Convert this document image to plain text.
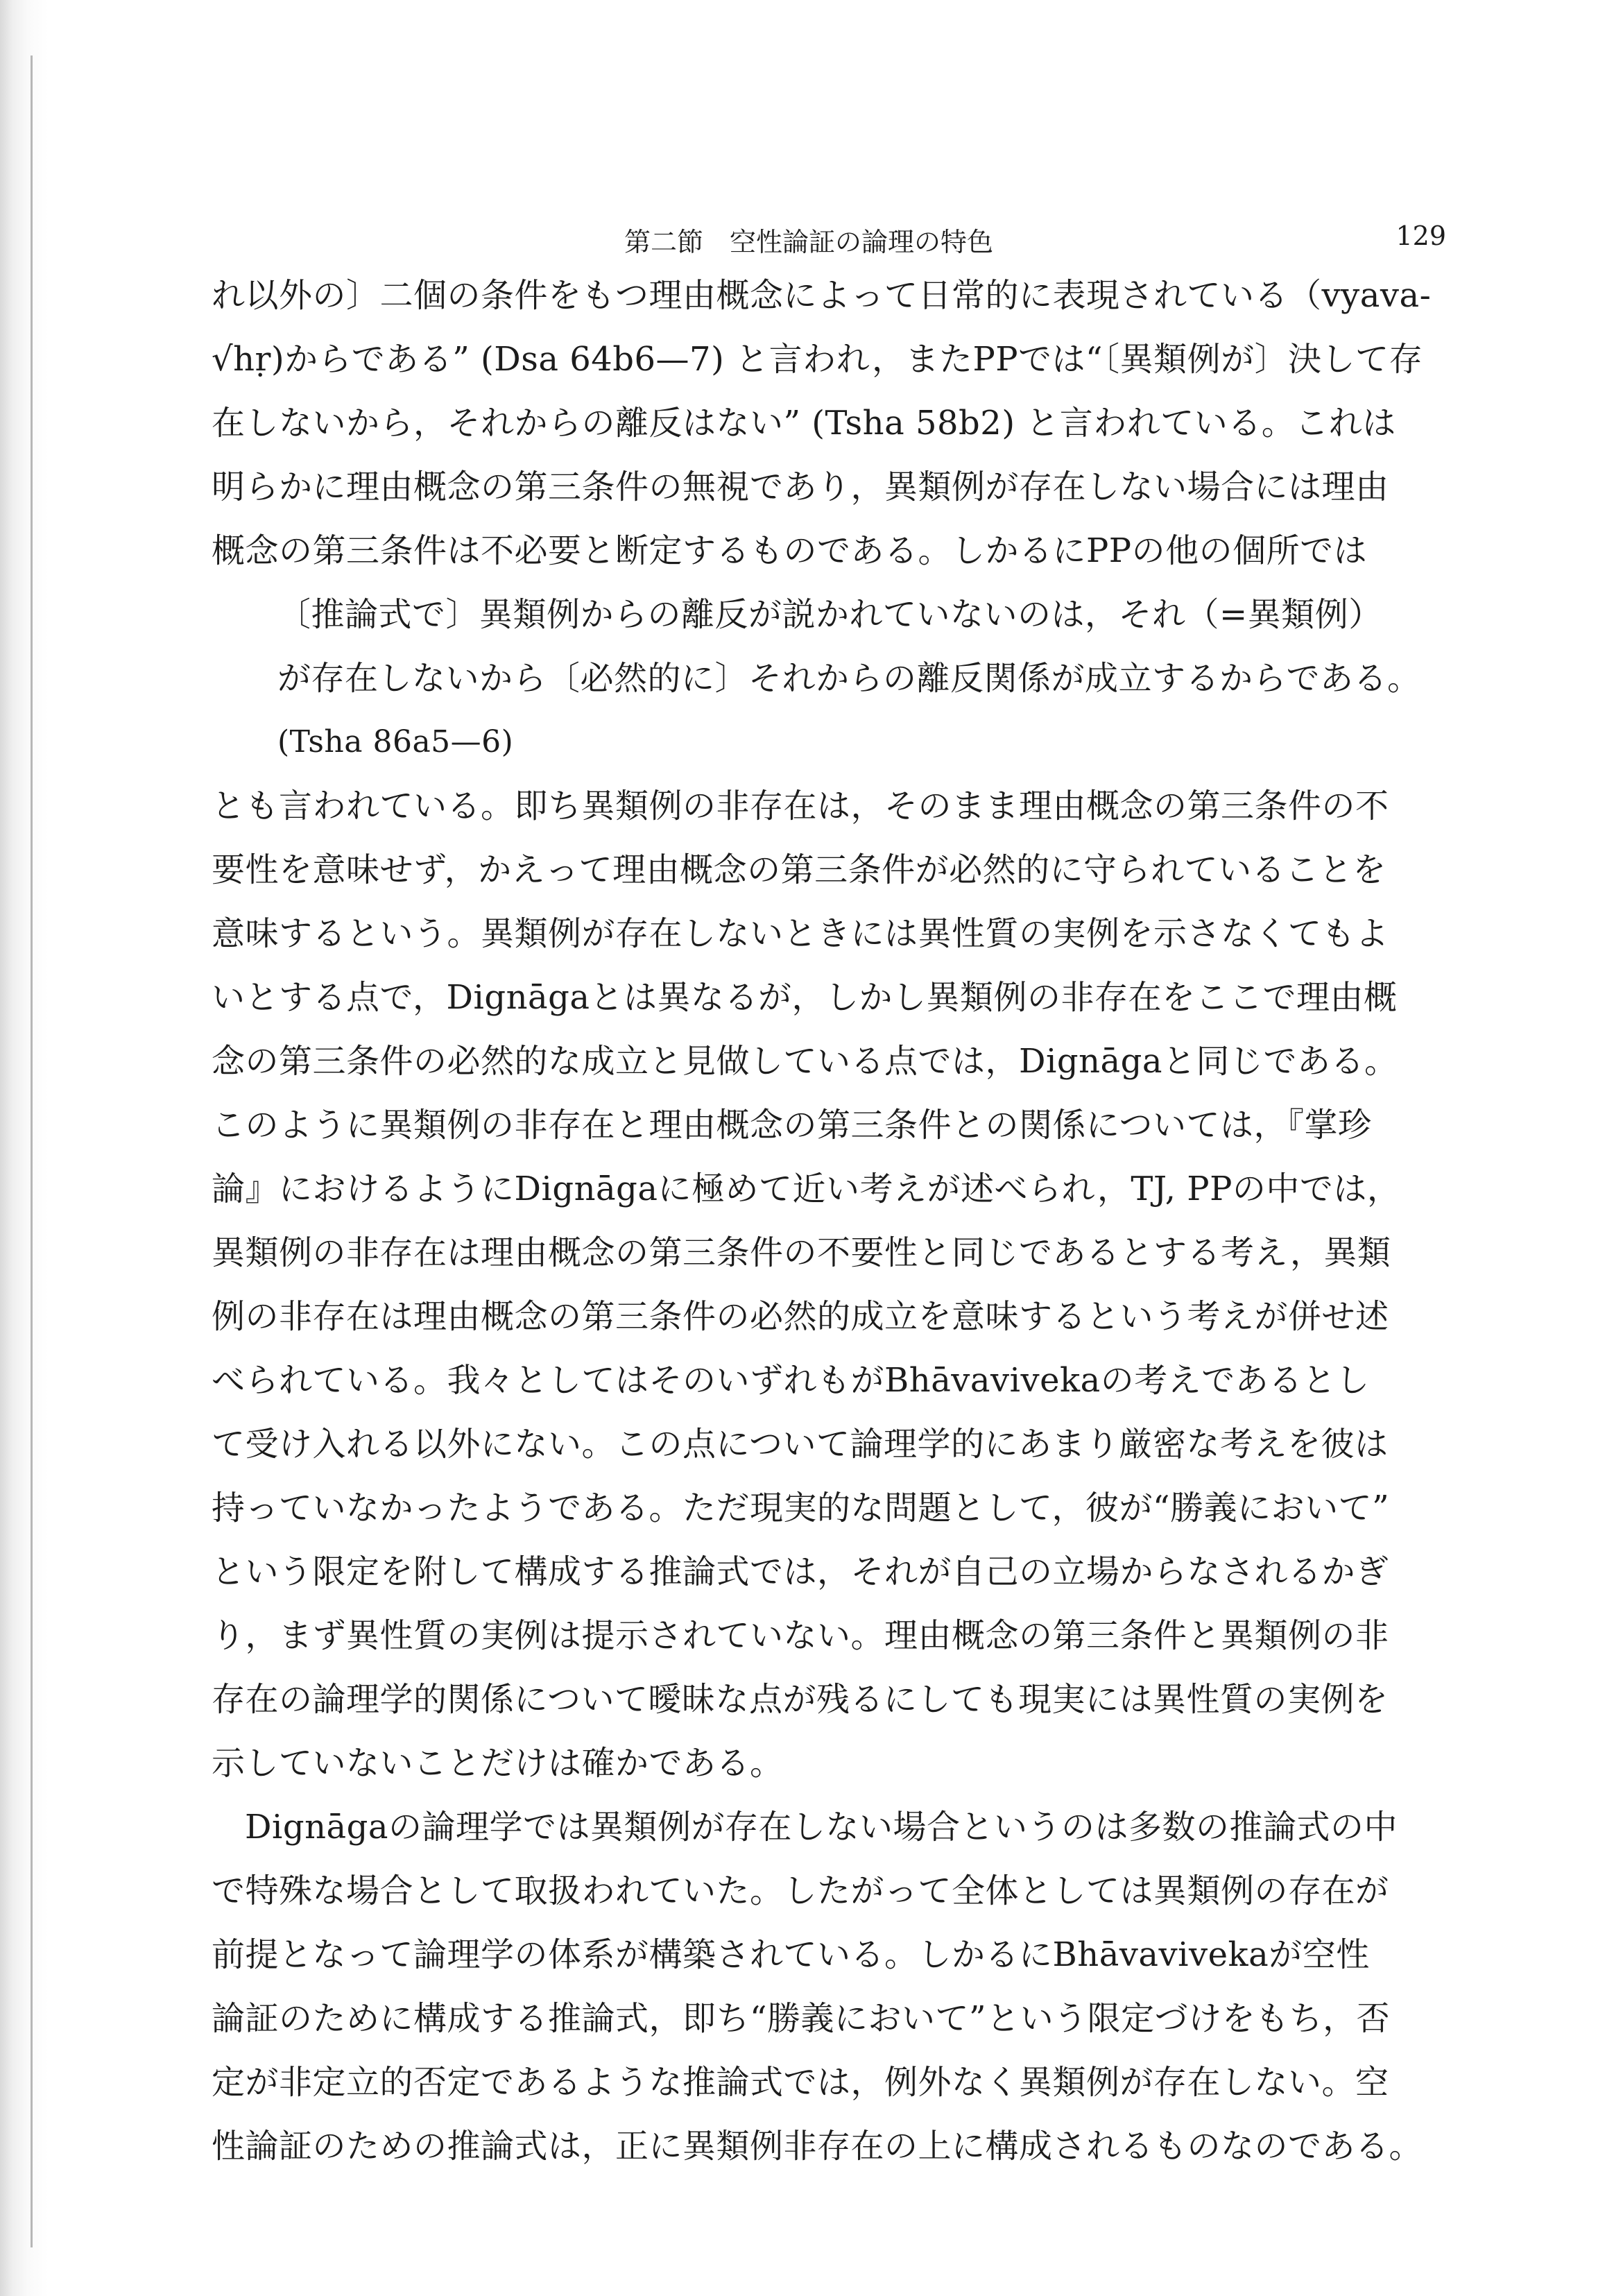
第二節　空性論証の論理の特色	129
れ以外の〕二個の条件をもつ理由概念によって日常的に表現されている（vyava-
√hṛ)からである” (Dsa 64b6—7) と言われ，またPPでは“〔異類例が〕決して存
在しないから，それからの離反はない” (Tsha 58b2) と言われている。これは
明らかに理由概念の第三条件の無視であり，異類例が存在しない場合には理由
概念の第三条件は不必要と断定するものである。しかるにPPの他の個所では
〔推論式で〕異類例からの離反が説かれていないのは，それ（=異類例）
が存在しないから〔必然的に〕それからの離反関係が成立するからである。
(Tsha 86a5—6)
とも言われている。即ち異類例の非存在は，そのまま理由概念の第三条件の不
要性を意味せず，かえって理由概念の第三条件が必然的に守られていることを
意味するという。異類例が存在しないときには異性質の実例を示さなくてもよ
いとする点で，Dignāgaとは異なるが，しかし異類例の非存在をここで理由概
念の第三条件の必然的な成立と見做している点では，Dignāgaと同じである。
このように異類例の非存在と理由概念の第三条件との関係については，『掌珍
論』におけるようにDignāgaに極めて近い考えが述べられ，TJ, PPの中では，
異類例の非存在は理由概念の第三条件の不要性と同じであるとする考え，異類
例の非存在は理由概念の第三条件の必然的成立を意味するという考えが併せ述
べられている。我々としてはそのいずれもがBhāvavivekaの考えであるとし
て受け入れる以外にない。この点について論理学的にあまり厳密な考えを彼は
持っていなかったようである。ただ現実的な問題として，彼が“勝義において”
という限定を附して構成する推論式では，それが自己の立場からなされるかぎ
り，まず異性質の実例は提示されていない。理由概念の第三条件と異類例の非
存在の論理学的関係について曖昧な点が残るにしても現実には異性質の実例を
示していないことだけは確かである。
Dignāgaの論理学では異類例が存在しない場合というのは多数の推論式の中
で特殊な場合として取扱われていた。したがって全体としては異類例の存在が
前提となって論理学の体系が構築されている。しかるにBhāvavivekaが空性
論証のために構成する推論式，即ち“勝義において”という限定づけをもち，否
定が非定立的否定であるような推論式では，例外なく異類例が存在しない。空
性論証のための推論式は，正に異類例非存在の上に構成されるものなのである。
